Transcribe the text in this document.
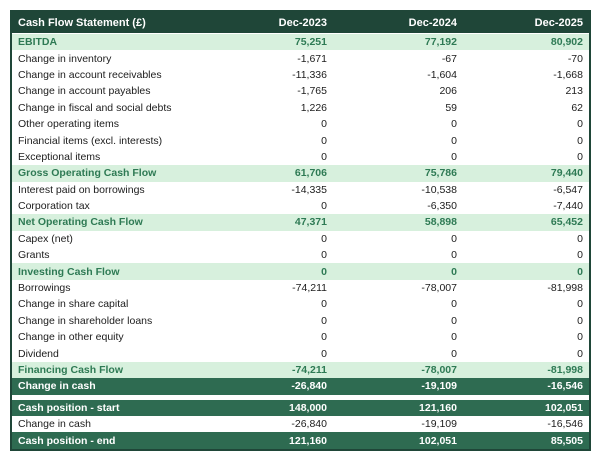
Cash Flow Statement (£)	Dec-2023	Dec-2024	Dec-2025
EBITDA	75,251	77,192	80,902
Change in inventory	-1,671	-67	-70
Change in account receivables	-11,336	-1,604	-1,668
Change in account payables	-1,765	206	213
Change in fiscal and social debts	1,226	59	62
Other operating items	0	0	0
Financial items (excl. interests)	0	0	0
Exceptional items	0	0	0
Gross Operating Cash Flow	61,706	75,786	79,440
Interest paid on borrowings	-14,335	-10,538	-6,547
Corporation tax	0	-6,350	-7,440
Net Operating Cash Flow	47,371	58,898	65,452
Capex (net)	0	0	0
Grants	0	0	0
Investing Cash Flow	0	0	0
Borrowings	-74,211	-78,007	-81,998
Change in share capital	0	0	0
Change in shareholder loans	0	0	0
Change in other equity	0	0	0
Dividend	0	0	0
Financing Cash Flow	-74,211	-78,007	-81,998
Change in cash	-26,840	-19,109	-16,546

Cash position - start	148,000	121,160	102,051
Change in cash	-26,840	-19,109	-16,546
Cash position - end	121,160	102,051	85,505
